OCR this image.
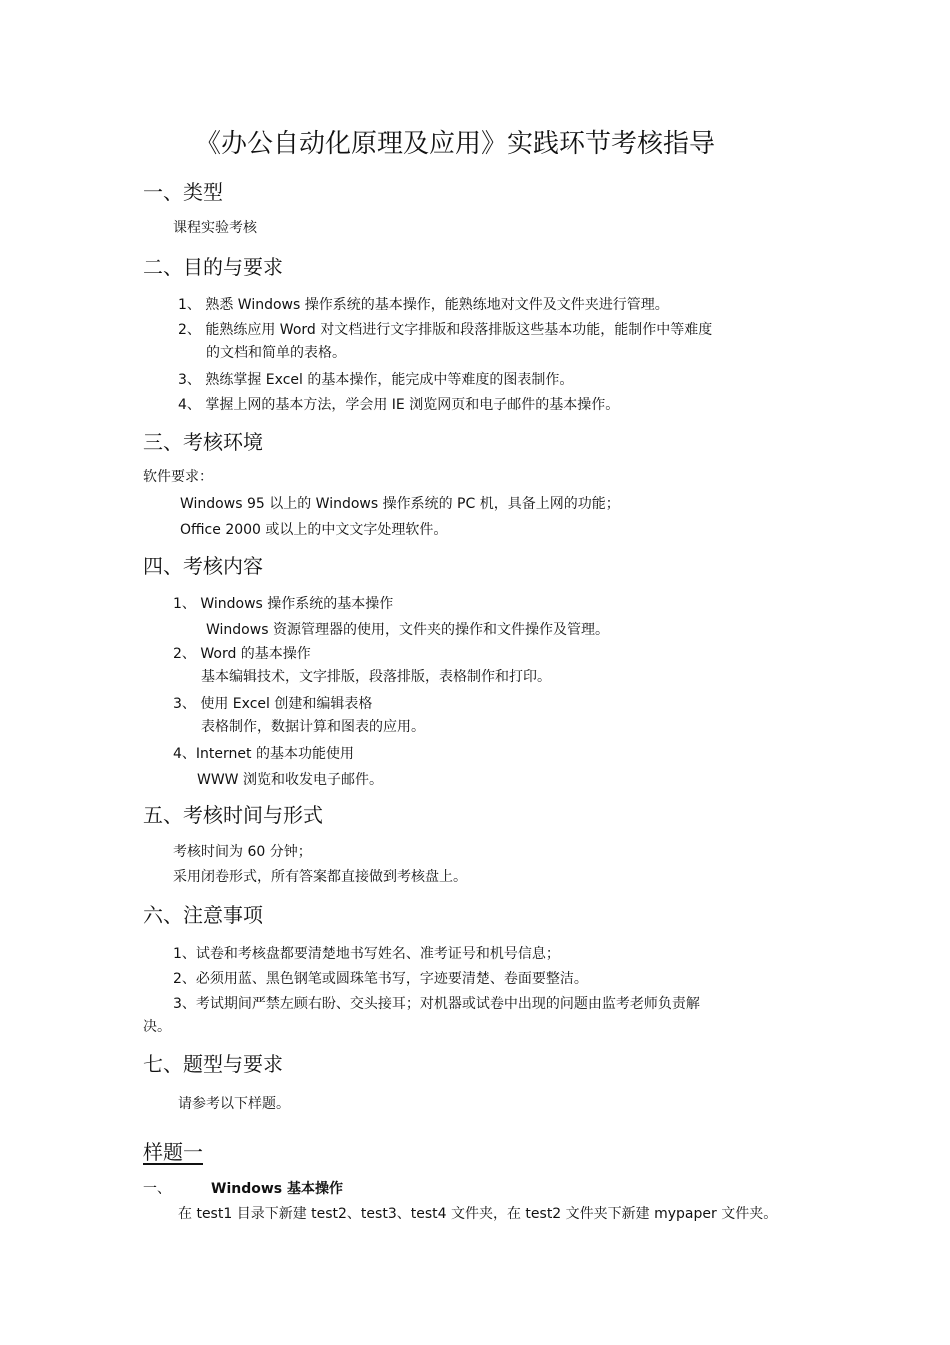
《办公自动化原理及应用》实践环节考核指导
一、类型
课程实验考核
二、目的与要求
1、 熟悉 Windows 操作系统的基本操作，能熟练地对文件及文件夹进行管理。
2、 能熟练应用 Word 对文档进行文字排版和段落排版这些基本功能，能制作中等难度
的文档和简单的表格。
3、 熟练掌握 Excel 的基本操作，能完成中等难度的图表制作。
4、 掌握上网的基本方法，学会用 IE 浏览网页和电子邮件的基本操作。
三、考核环境
软件要求：
Windows 95 以上的 Windows 操作系统的 PC 机，具备上网的功能；
Office 2000 或以上的中文文字处理软件。
四、考核内容
1、 Windows 操作系统的基本操作
Windows 资源管理器的使用，文件夹的操作和文件操作及管理。
2、 Word 的基本操作
基本编辑技术，文字排版，段落排版，表格制作和打印。
3、 使用 Excel 创建和编辑表格
表格制作，数据计算和图表的应用。
4、Internet 的基本功能使用
WWW 浏览和收发电子邮件。
五、考核时间与形式
考核时间为 60 分钟；
采用闭卷形式，所有答案都直接做到考核盘上。
六、注意事项
1、试卷和考核盘都要清楚地书写姓名、准考证号和机号信息；
2、必须用蓝、黑色钢笔或圆珠笔书写，字迹要清楚、卷面要整洁。
3、考试期间严禁左顾右盼、交头接耳；对机器或试卷中出现的问题由监考老师负责解
决。
七、题型与要求
请参考以下样题。
样题一
一、	Windows 基本操作
在 test1 目录下新建 test2、test3、test4 文件夹，在 test2 文件夹下新建 mypaper 文件夹。
